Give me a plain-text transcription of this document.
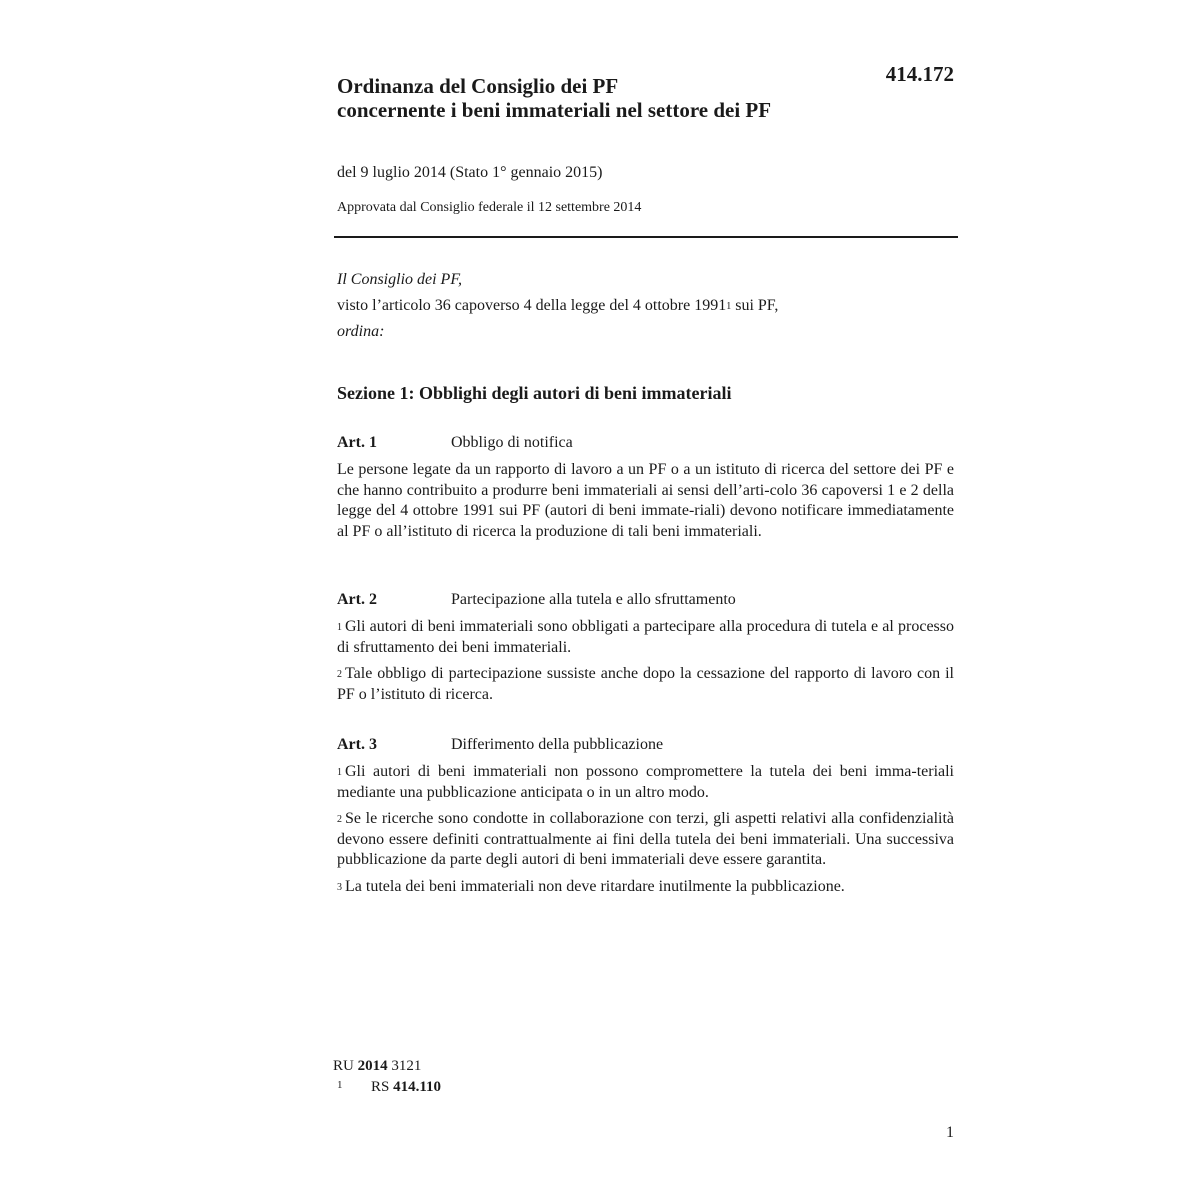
414.172
Ordinanza del Consiglio dei PF
concernente i beni immateriali nel settore dei PF
del 9 luglio 2014 (Stato 1° gennaio 2015)
Approvata dal Consiglio federale il 12 settembre 2014
Il Consiglio dei PF,
visto l’articolo 36 capoverso 4 della legge del 4 ottobre 1991$^1$ sui PF,
ordina:
Sezione 1: Obblighi degli autori di beni immateriali
Art. 1	Obbligo di notifica

Le persone legate da un rapporto di lavoro a un PF o a un istituto di ricerca del settore dei PF e che hanno contribuito a produrre beni immateriali ai sensi dell’arti-colo 36 capoversi 1 e 2 della legge del 4 ottobre 1991 sui PF (autori di beni immate-riali) devono notificare immediatamente al PF o all’istituto di ricerca la produzione di tali beni immateriali.

Art. 2	Partecipazione alla tutela e allo sfruttamento

$^1$ Gli autori di beni immateriali sono obbligati a partecipare alla procedura di tutela e al processo di sfruttamento dei beni immateriali.

$^2$ Tale obbligo di partecipazione sussiste anche dopo la cessazione del rapporto di lavoro con il PF o l’istituto di ricerca.

Art. 3	Differimento della pubblicazione

$^1$ Gli autori di beni immateriali non possono compromettere la tutela dei beni imma-teriali mediante una pubblicazione anticipata o in un altro modo.

$^2$ Se le ricerche sono condotte in collaborazione con terzi, gli aspetti relativi alla confidenzialità devono essere definiti contrattualmente ai fini della tutela dei beni immateriali. Una successiva pubblicazione da parte degli autori di beni immateriali deve essere garantita.

$^3$ La tutela dei beni immateriali non deve ritardare inutilmente la pubblicazione.

RU 2014 3121
1	RS 414.110
1
